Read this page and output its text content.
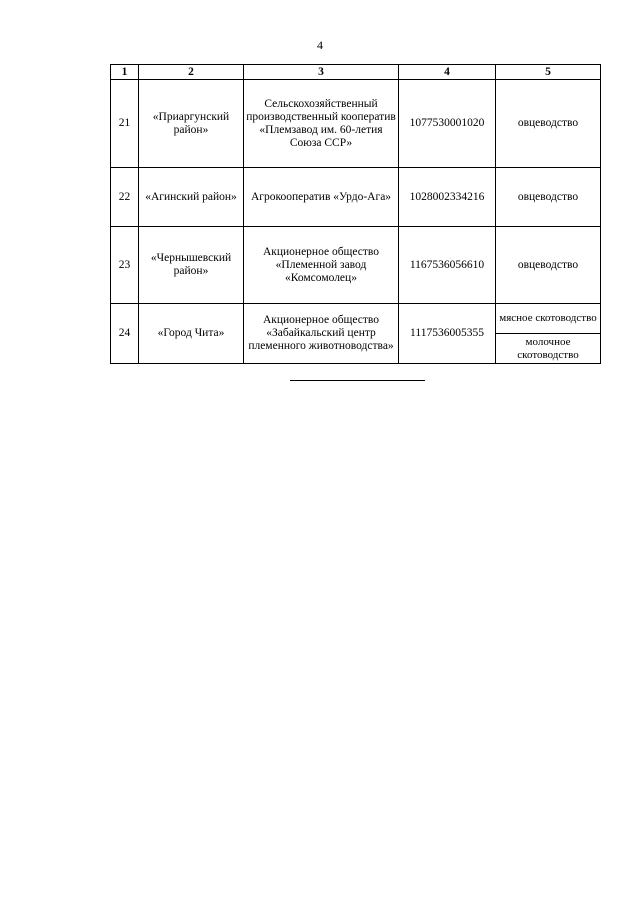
4
1	2	3	4	5
21	«Приаргунский район»	Сельскохозяйственный производственный кооператив «Племзавод им. 60-летия Союза ССР»	1077530001020	овцеводство
22	«Агинский район»	Агрокооператив «Урдо-Ага»	1028002334216	овцеводство
23	«Чернышевский район»	Акционерное общество «Племенной завод «Комсомолец»	1167536056610	овцеводство
24	«Город Чита»	Акционерное общество «Забайкальский центр племенного животноводства»	1117536005355	мясное скотоводство
				молочное скотоводство
